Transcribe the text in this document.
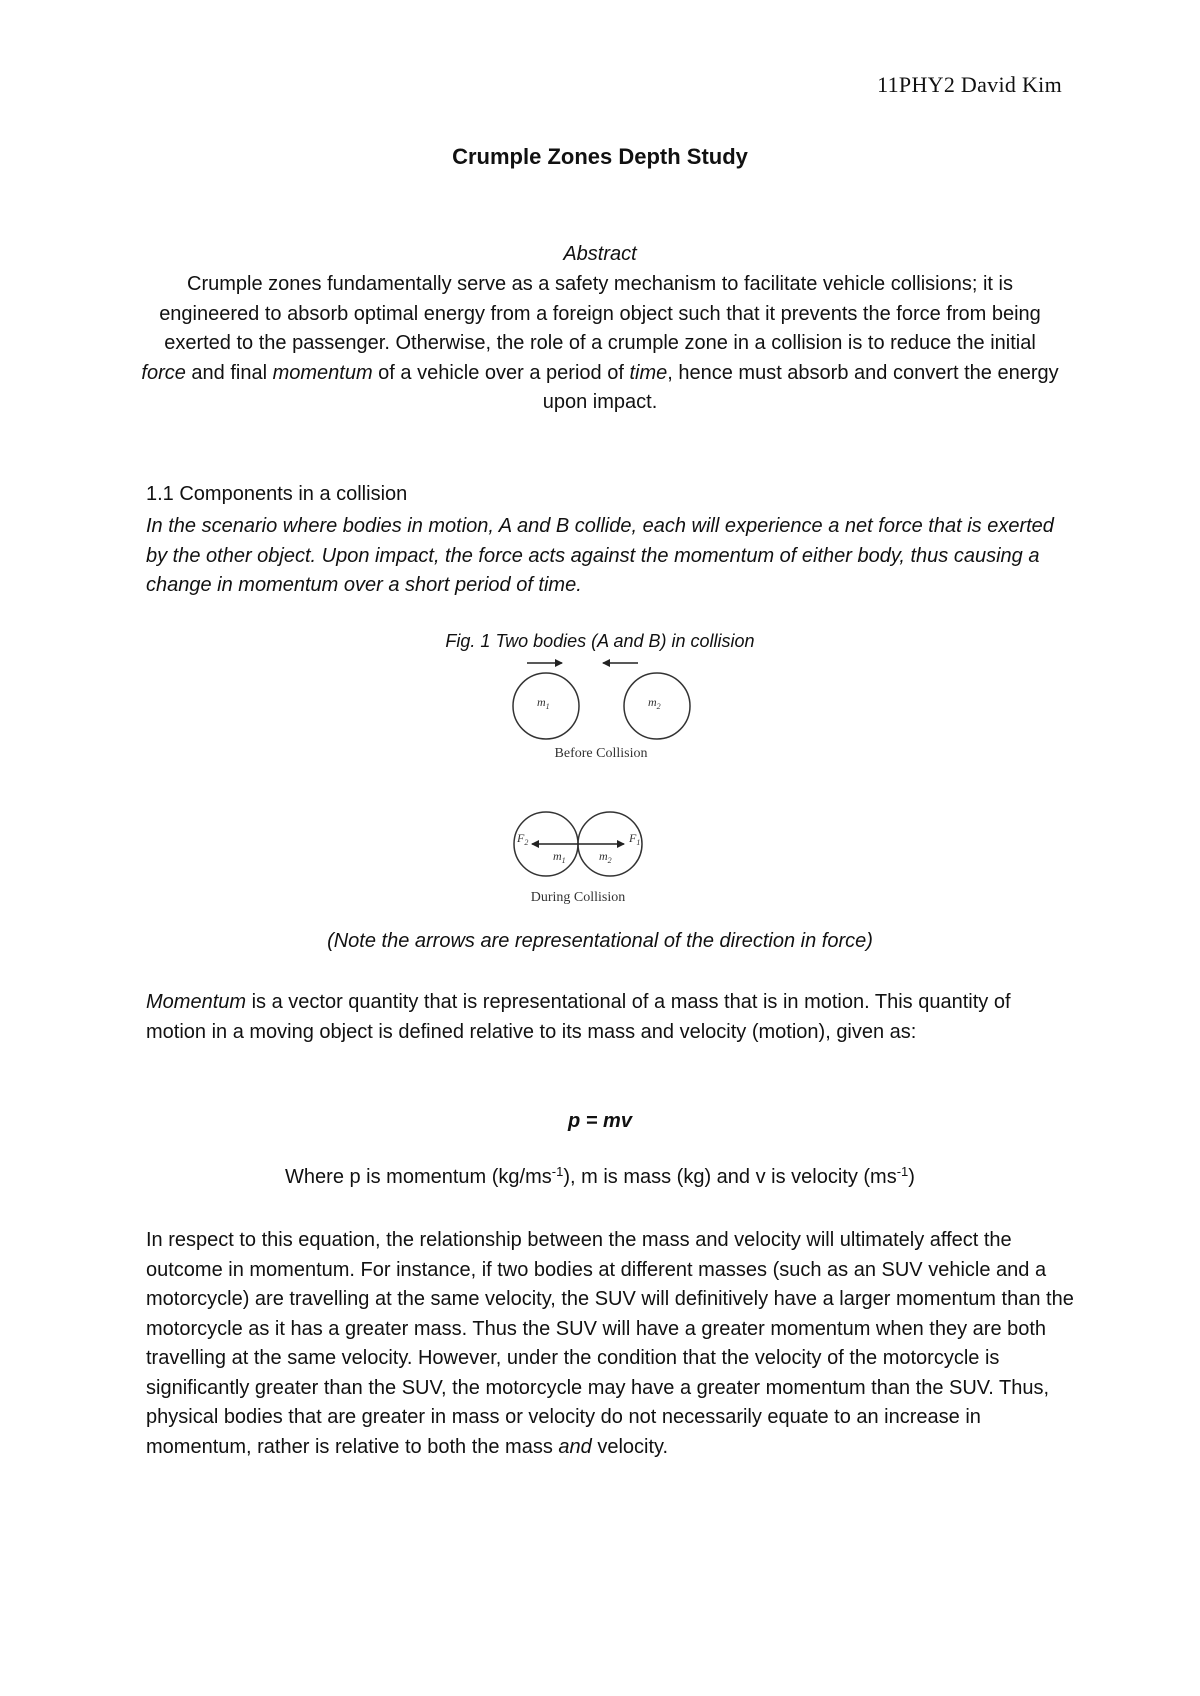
11PHY2 David Kim
Crumple Zones Depth Study
Abstract

Crumple zones fundamentally serve as a safety mechanism to facilitate vehicle collisions; it is engineered to absorb optimal energy from a foreign object such that it prevents the force from being exerted to the passenger. Otherwise, the role of a crumple zone in a collision is to reduce the initial force and final momentum of a vehicle over a period of time, hence must absorb and convert the energy upon impact.

1.1 Components in a collision

In the scenario where bodies in motion, A and B collide, each will experience a net force that is exerted by the other object. Upon impact, the force acts against the momentum of either body, thus causing a change in momentum over a short period of time.

Fig. 1 Two bodies (A and B) in collision
$m_1$	$m_2$
Before Collision
$F_2$	$F_1$
$m_1$	$m_2$
During Collision
(Note the arrows are representational of the direction in force)

Momentum is a vector quantity that is representational of a mass that is in motion. This quantity of motion in a moving object is defined relative to its mass and velocity (motion), given as:

p = mv
Where p is momentum $(kg/ms^{-1})$, m is mass (kg) and v is velocity $(ms^{-1})$

In respect to this equation, the relationship between the mass and velocity will ultimately affect the outcome in momentum. For instance, if two bodies at different masses (such as an SUV vehicle and a motorcycle) are travelling at the same velocity, the SUV will definitively have a larger momentum than the motorcycle as it has a greater mass. Thus the SUV will have a greater momentum when they are both travelling at the same velocity. However, under the condition that the velocity of the motorcycle is significantly greater than the SUV, the motorcycle may have a greater momentum than the SUV. Thus, physical bodies that are greater in mass or velocity do not necessarily equate to an increase in momentum, rather is relative to both the mass and velocity.
